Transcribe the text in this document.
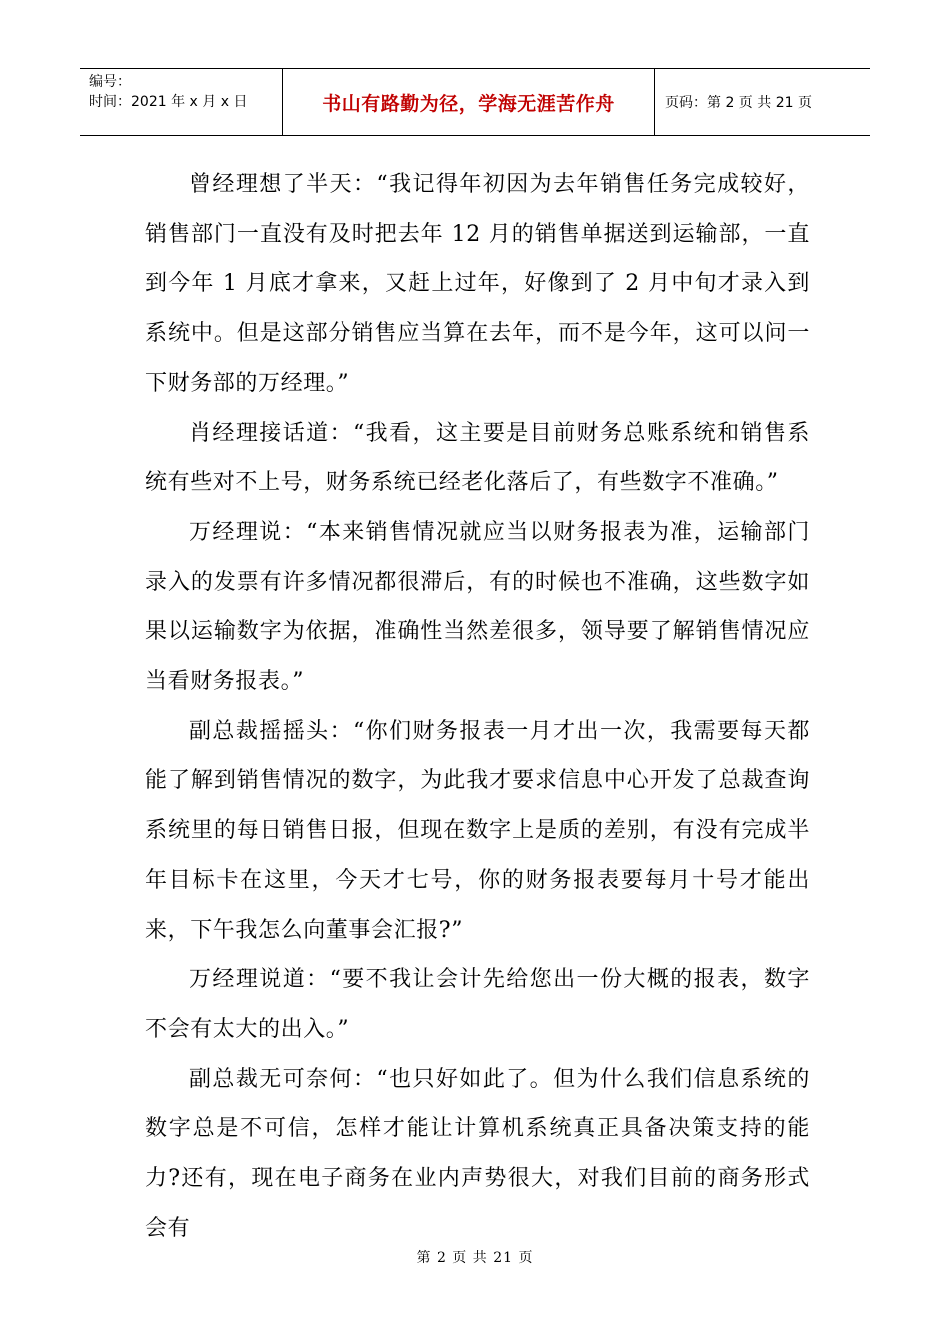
编号：
时间：2021 年 x 月 x 日	书山有路勤为径，学海无涯苦作舟	页码：第 2 页 共 21 页

曾经理想了半天：“我记得年初因为去年销售任务完成较好，销售部门一直没有及时把去年 12 月的销售单据送到运输部，一直到今年 1 月底才拿来，又赶上过年，好像到了 2 月中旬才录入到系统中。但是这部分销售应当算在去年，而不是今年，这可以问一下财务部的万经理。”

肖经理接话道：“我看，这主要是目前财务总账系统和销售系统有些对不上号，财务系统已经老化落后了，有些数字不准确。”

万经理说：“本来销售情况就应当以财务报表为准，运输部门录入的发票有许多情况都很滞后，有的时候也不准确，这些数字如果以运输数字为依据，准确性当然差很多，领导要了解销售情况应当看财务报表。”

副总裁摇摇头：“你们财务报表一月才出一次，我需要每天都能了解到销售情况的数字，为此我才要求信息中心开发了总裁查询系统里的每日销售日报，但现在数字上是质的差别，有没有完成半年目标卡在这里，今天才七号，你的财务报表要每月十号才能出来，下午我怎么向董事会汇报?”

万经理说道：“要不我让会计先给您出一份大概的报表，数字不会有太大的出入。”

副总裁无可奈何：“也只好如此了。但为什么我们信息系统的数字总是不可信，怎样才能让计算机系统真正具备决策支持的能力?还有，现在电子商务在业内声势很大，对我们目前的商务形式会有

第 2 页 共 21 页
